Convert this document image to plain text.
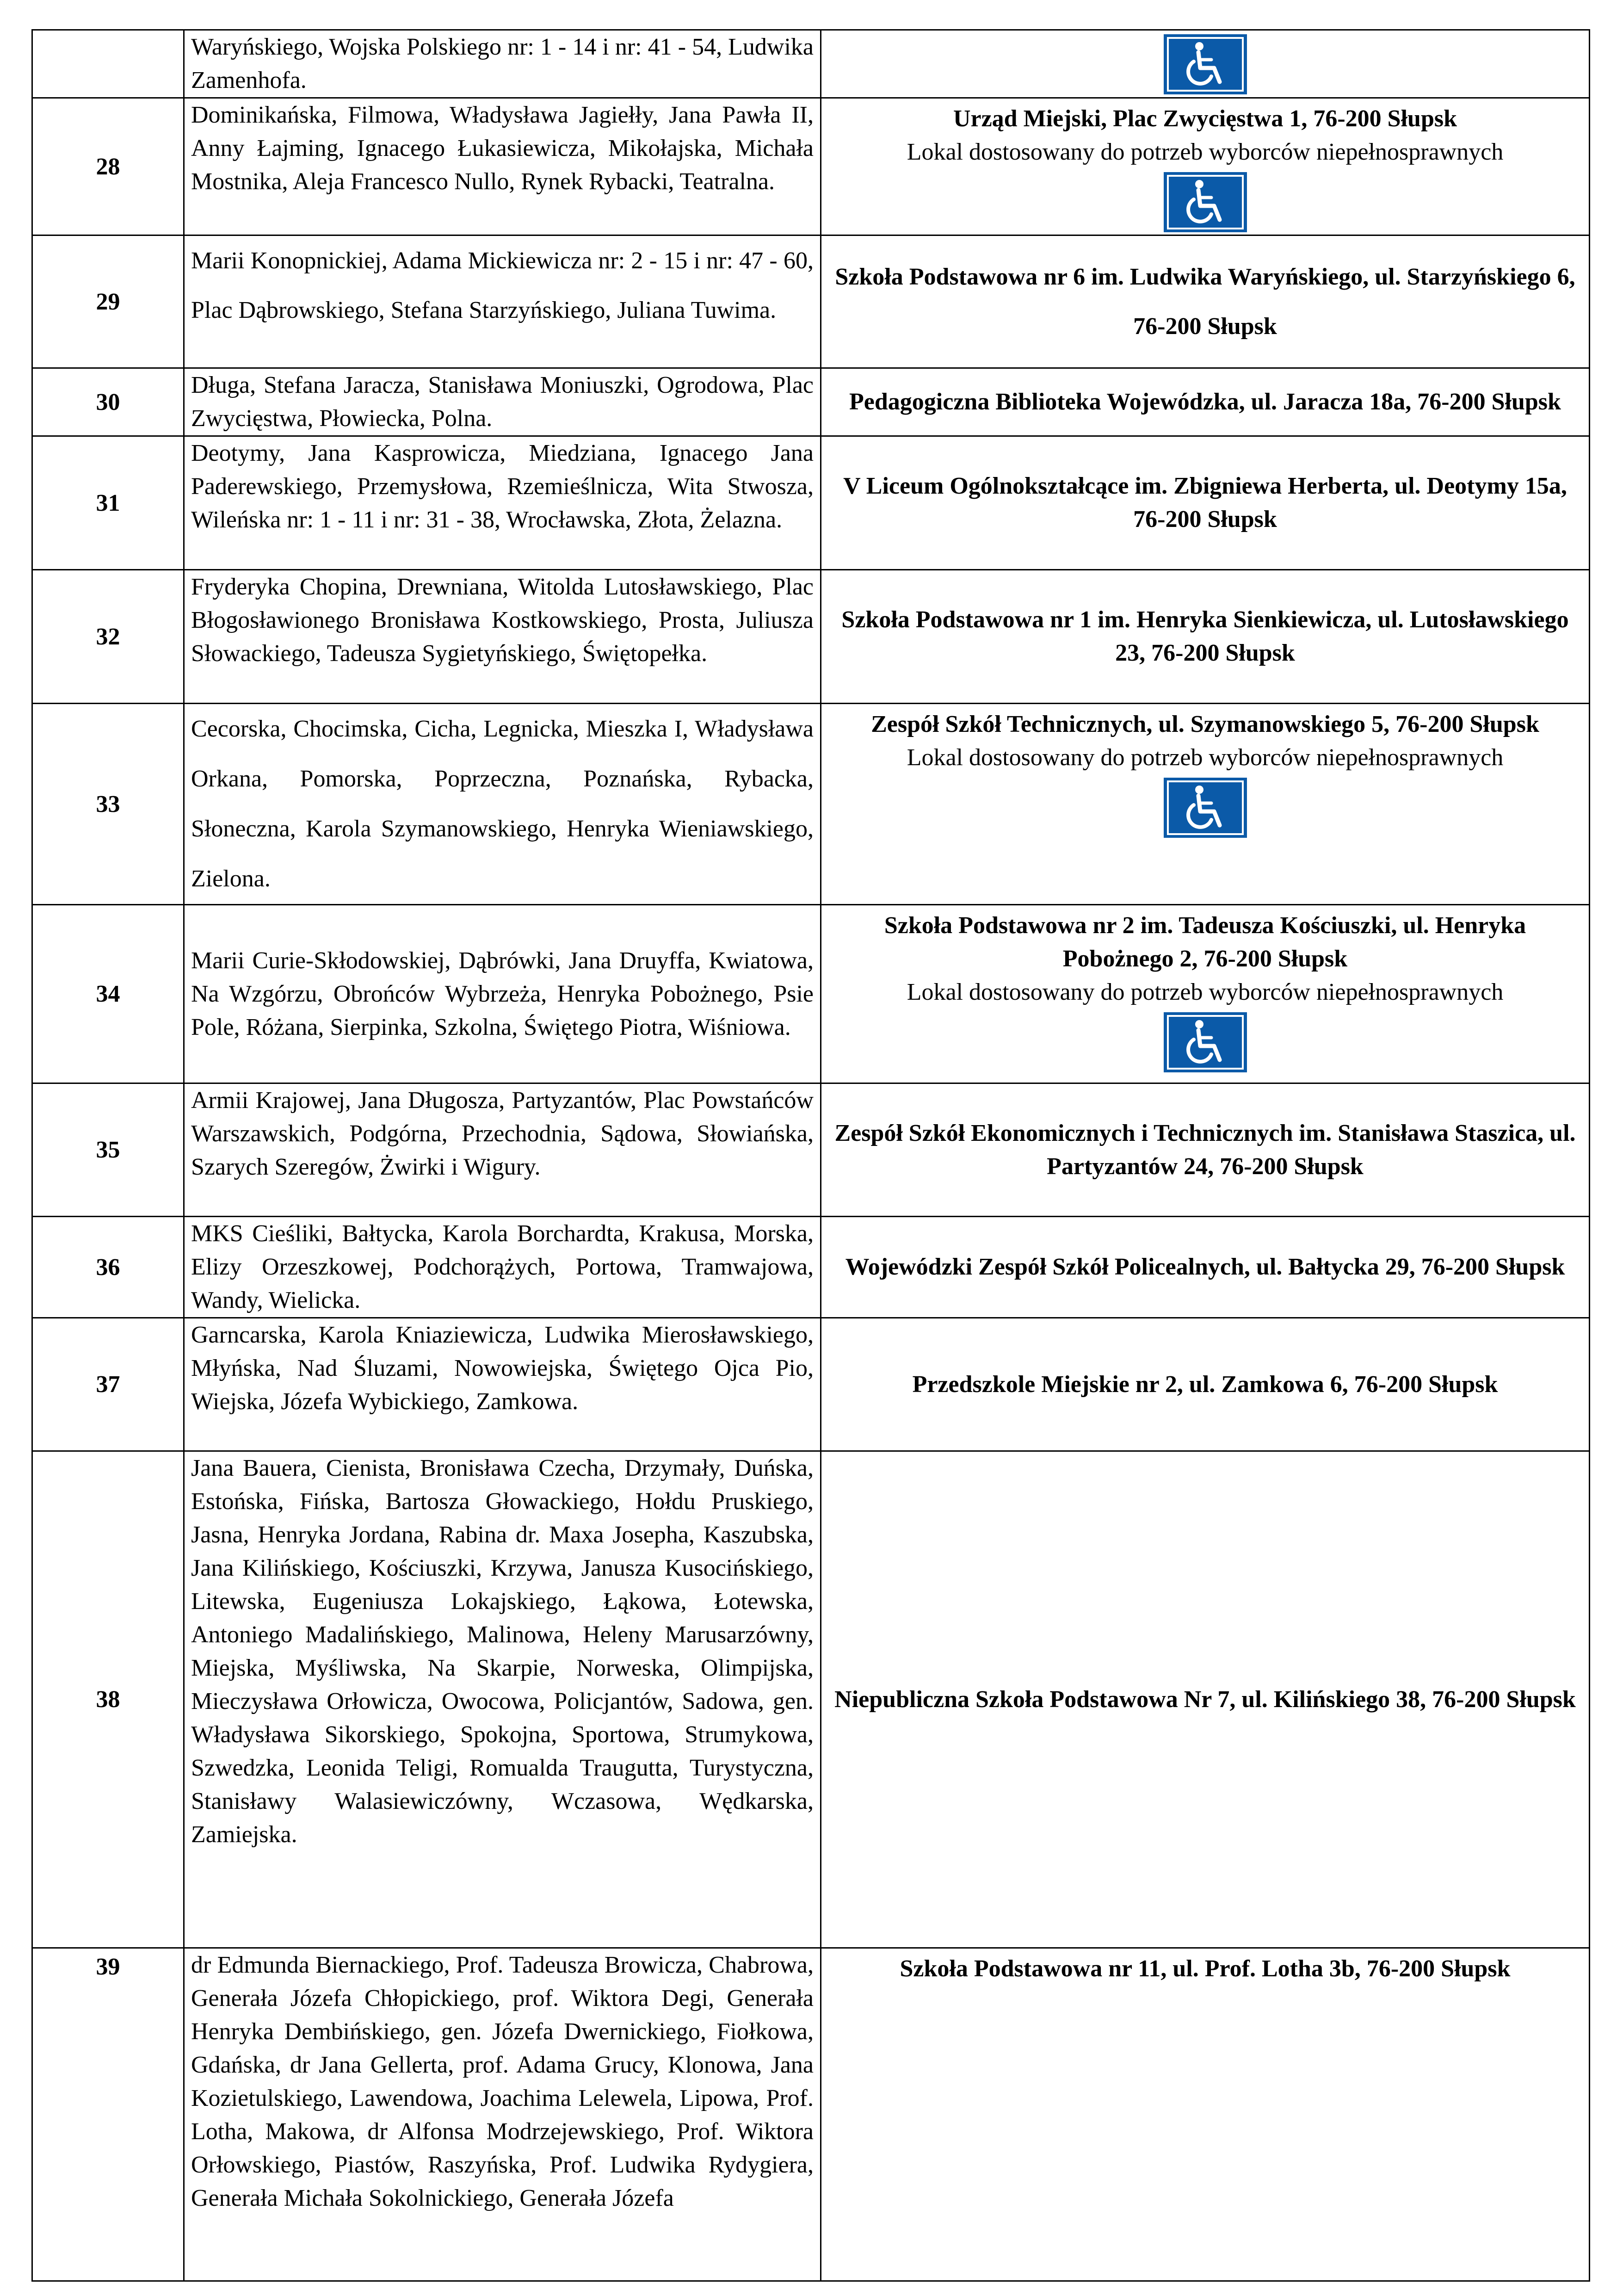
	Waryńskiego, Wojska Polskiego nr: 1 - 14 i nr: 41 - 54, Ludwika Zamenhofa.	

28	Dominikańska, Filmowa, Władysława Jagiełły, Jana Pawła II, Anny Łajming, Ignacego Łukasiewicza, Mikołajska, Michała Mostnika, Aleja Francesco Nullo, Rynek Rybacki, Teatralna.	Urząd Miejski, Plac Zwycięstwa 1, 76-200 Słupsk
Lokal dostosowany do potrzeb wyborców niepełnosprawnych

29	Marii Konopnickiej, Adama Mickiewicza nr: 2 - 15 i nr: 47 - 60, Plac Dąbrowskiego, Stefana Starzyńskiego, Juliana Tuwima.	Szkoła Podstawowa nr 6 im. Ludwika Waryńskiego, ul. Starzyńskiego 6, 76-200 Słupsk

30	Długa, Stefana Jaracza, Stanisława Moniuszki, Ogrodowa, Plac Zwycięstwa, Płowiecka, Polna.	Pedagogiczna Biblioteka Wojewódzka, ul. Jaracza 18a, 76-200 Słupsk

31	Deotymy, Jana Kasprowicza, Miedziana, Ignacego Jana Paderewskiego, Przemysłowa, Rzemieślnicza, Wita Stwosza, Wileńska nr: 1 - 11 i nr: 31 - 38, Wrocławska, Złota, Żelazna.	V Liceum Ogólnokształcące im. Zbigniewa Herberta, ul. Deotymy 15a, 76-200 Słupsk

32	Fryderyka Chopina, Drewniana, Witolda Lutosławskiego, Plac Błogosławionego Bronisława Kostkowskiego, Prosta, Juliusza Słowackiego, Tadeusza Sygietyńskiego, Świętopełka.	Szkoła Podstawowa nr 1 im. Henryka Sienkiewicza, ul. Lutosławskiego 23, 76-200 Słupsk

33	Cecorska, Chocimska, Cicha, Legnicka, Mieszka I, Władysława Orkana, Pomorska, Poprzeczna, Poznańska, Rybacka, Słoneczna, Karola Szymanowskiego, Henryka Wieniawskiego, Zielona.	Zespół Szkół Technicznych, ul. Szymanowskiego 5, 76-200 Słupsk
Lokal dostosowany do potrzeb wyborców niepełnosprawnych

34	Marii Curie-Skłodowskiej, Dąbrówki, Jana Druyffa, Kwiatowa, Na Wzgórzu, Obrońców Wybrzeża, Henryka Pobożnego, Psie Pole, Różana, Sierpinka, Szkolna, Świętego Piotra, Wiśniowa.	Szkoła Podstawowa nr 2 im. Tadeusza Kościuszki, ul. Henryka Pobożnego 2, 76-200 Słupsk
Lokal dostosowany do potrzeb wyborców niepełnosprawnych

35	Armii Krajowej, Jana Długosza, Partyzantów, Plac Powstańców Warszawskich, Podgórna, Przechodnia, Sądowa, Słowiańska, Szarych Szeregów, Żwirki i Wigury.	Zespół Szkół Ekonomicznych i Technicznych im. Stanisława Staszica, ul. Partyzantów 24, 76-200 Słupsk

36	MKS Cieśliki, Bałtycka, Karola Borchardta, Krakusa, Morska, Elizy Orzeszkowej, Podchorążych, Portowa, Tramwajowa, Wandy, Wielicka.	Wojewódzki Zespół Szkół Policealnych, ul. Bałtycka 29, 76-200 Słupsk

37	Garncarska, Karola Kniaziewicza, Ludwika Mierosławskiego, Młyńska, Nad Śluzami, Nowowiejska, Świętego Ojca Pio, Wiejska, Józefa Wybickiego, Zamkowa.	Przedszkole Miejskie nr 2, ul. Zamkowa 6, 76-200 Słupsk

38	Jana Bauera, Cienista, Bronisława Czecha, Drzymały, Duńska, Estońska, Fińska, Bartosza Głowackiego, Hołdu Pruskiego, Jasna, Henryka Jordana, Rabina dr. Maxa Josepha, Kaszubska, Jana Kilińskiego, Kościuszki, Krzywa, Janusza Kusocińskiego, Litewska, Eugeniusza Lokajskiego, Łąkowa, Łotewska, Antoniego Madalińskiego, Malinowa, Heleny Marusarzówny, Miejska, Myśliwska, Na Skarpie, Norweska, Olimpijska, Mieczysława Orłowicza, Owocowa, Policjantów, Sadowa, gen. Władysława Sikorskiego, Spokojna, Sportowa, Strumykowa, Szwedzka, Leonida Teligi, Romualda Traugutta, Turystyczna, Stanisławy Walasiewiczówny, Wczasowa, Wędkarska, Zamiejska.	Niepubliczna Szkoła Podstawowa Nr 7, ul. Kilińskiego 38, 76-200 Słupsk

39	dr Edmunda Biernackiego, Prof. Tadeusza Browicza, Chabrowa, Generała Józefa Chłopickiego, prof. Wiktora Degi, Generała Henryka Dembińskiego, gen. Józefa Dwernickiego, Fiołkowa, Gdańska, dr Jana Gellerta, prof. Adama Grucy, Klonowa, Jana Kozietulskiego, Lawendowa, Joachima Lelewela, Lipowa, Prof. Lotha, Makowa, dr Alfonsa Modrzejewskiego, Prof. Wiktora Orłowskiego, Piastów, Raszyńska, Prof. Ludwika Rydygiera, Generała Michała Sokolnickiego, Generała Józefa	Szkoła Podstawowa nr 11, ul. Prof. Lotha 3b, 76-200 Słupsk
